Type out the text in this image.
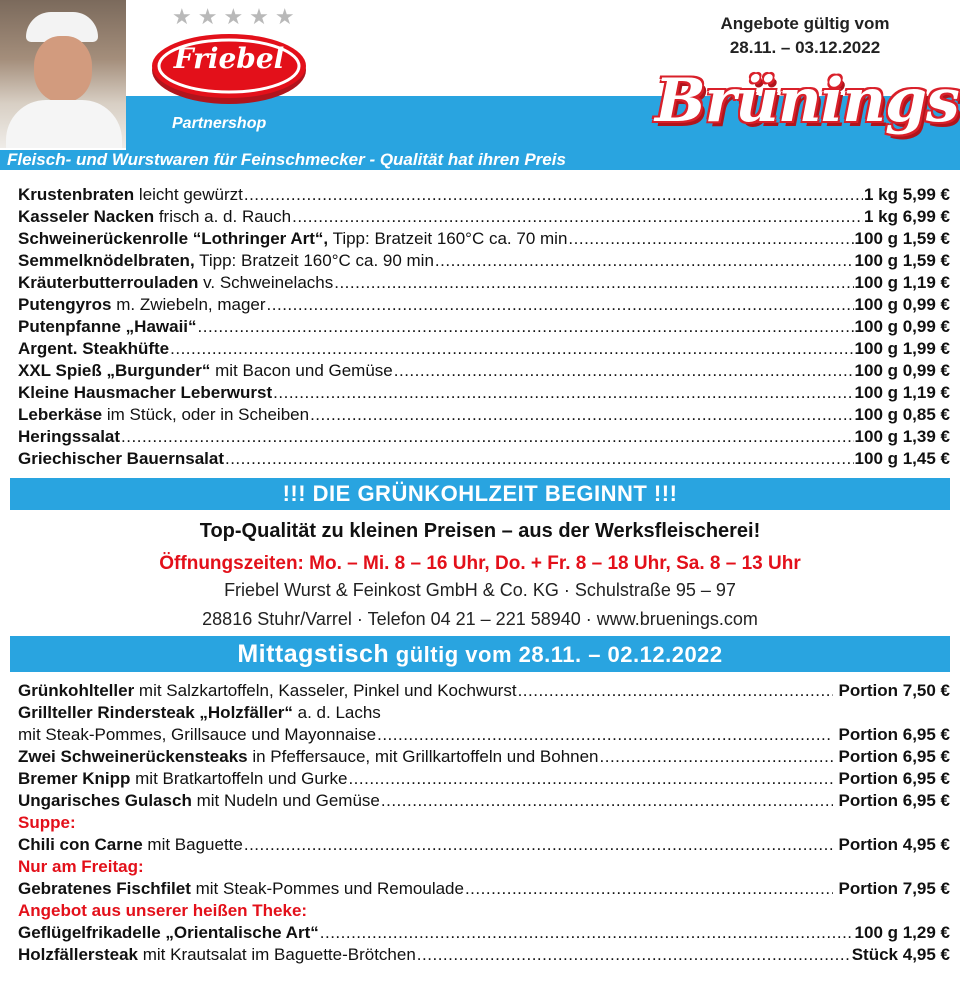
★★★★★
Friebel
Partnershop
Angebote gültig vom
28.11. – 03.12.2022
Brünings
Fleisch- und Wurstwaren für Feinschmecker - Qualität hat ihren Preis
Krustenbraten leicht gewürzt .....	1 kg 5,99 €
Kasseler Nacken frisch a. d. Rauch .....	1 kg 6,99 €
Schweinerückenrolle “Lothringer Art“, Tipp: Bratzeit 160°C ca. 70 min .....	100 g 1,59 €
Semmelknödelbraten, Tipp: Bratzeit 160°C ca. 90 min .....	100 g 1,59 €
Kräuterbutterrouladen v. Schweinelachs .....	100 g 1,19 €
Putengyros m. Zwiebeln, mager .....	100 g 0,99 €
Putenpfanne „Hawaii“ .....	100 g 0,99 €
Argent. Steakhüfte .....	100 g 1,99 €
XXL Spieß „Burgunder“ mit Bacon und Gemüse .....	100 g 0,99 €
Kleine Hausmacher Leberwurst .....	100 g 1,19 €
Leberkäse im Stück, oder in Scheiben .....	100 g 0,85 €
Heringssalat .....	100 g 1,39 €
Griechischer Bauernsalat .....	100 g 1,45 €
!!! DIE GRÜNKOHLZEIT BEGINNT !!!
Top-Qualität zu kleinen Preisen – aus der Werksfleischerei!
Öffnungszeiten: Mo. – Mi. 8 – 16 Uhr, Do. + Fr. 8 – 18 Uhr, Sa. 8 – 13 Uhr
Friebel Wurst & Feinkost GmbH & Co. KG · Schulstraße 95 – 97
28816 Stuhr/Varrel · Telefon 04 21 – 221 58940 · www.bruenings.com
Mittagstisch gültig vom 28.11. – 02.12.2022
Grünkohlteller mit Salzkartoffeln, Kasseler, Pinkel und Kochwurst .....	Portion 7,50 €
Grillteller Rindersteak „Holzfäller“ a. d. Lachs
mit Steak-Pommes, Grillsauce und Mayonnaise .....	Portion 6,95 €
Zwei Schweinerückensteaks in Pfeffersauce, mit Grillkartoffeln und Bohnen .....	Portion 6,95 €
Bremer Knipp mit Bratkartoffeln und Gurke .....	Portion 6,95 €
Ungarisches Gulasch mit Nudeln und Gemüse .....	Portion 6,95 €
Suppe:
Chili con Carne mit Baguette .....	Portion 4,95 €
Nur am Freitag:
Gebratenes Fischfilet mit Steak-Pommes und Remoulade .....	Portion 7,95 €
Angebot aus unserer heißen Theke:
Geflügelfrikadelle „Orientalische Art“ .....	100 g 1,29 €
Holzfällersteak mit Krautsalat im Baguette-Brötchen .....	Stück 4,95 €
